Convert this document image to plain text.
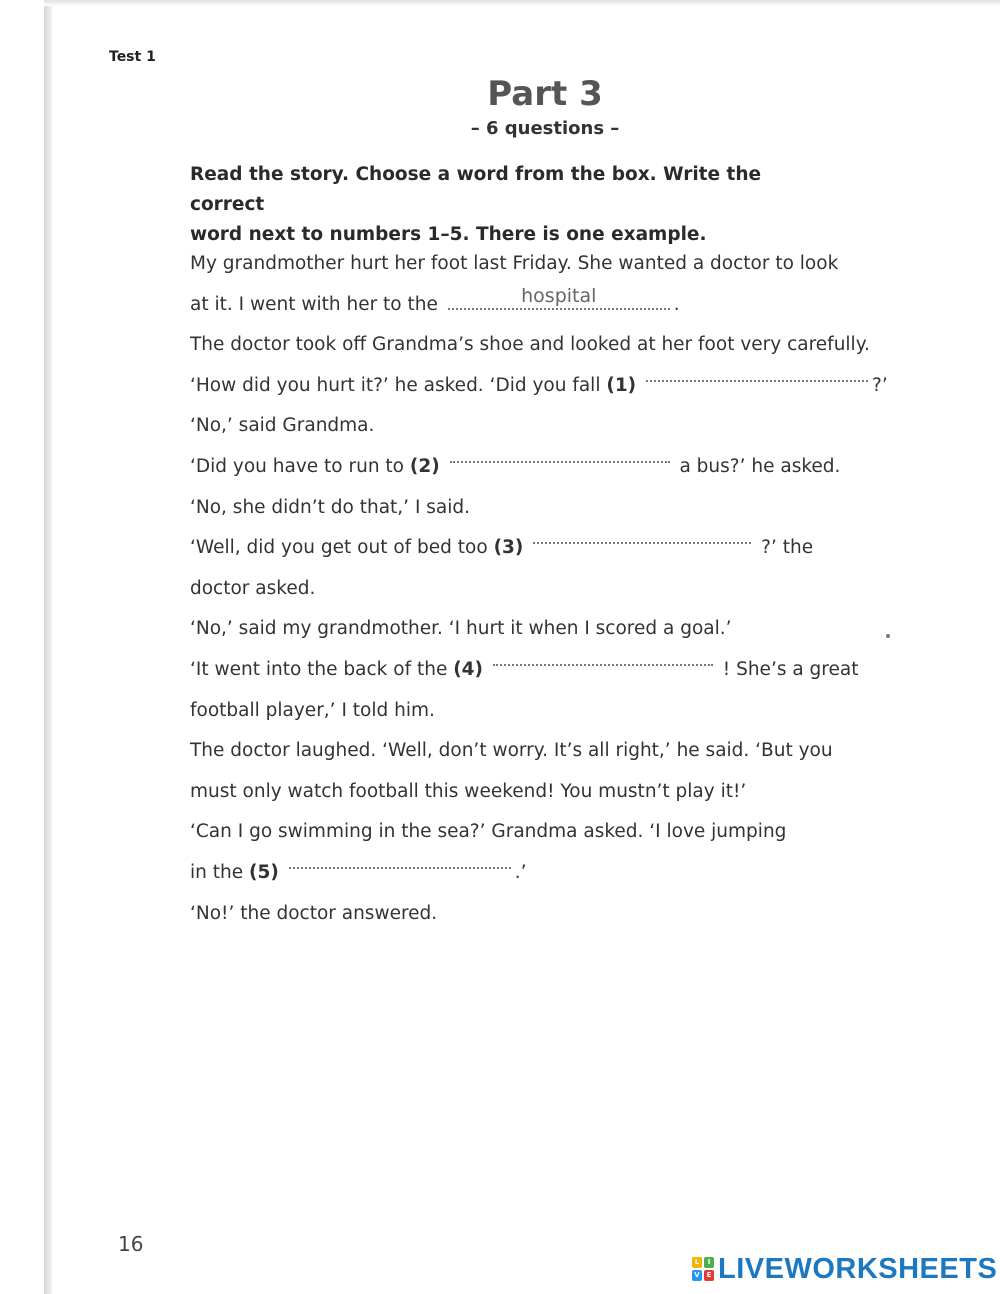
Test 1
Part 3
– 6 questions –
Read the story. Choose a word from the box. Write the correct
word next to numbers 1–5. There is one example.
My grandmother hurt her foot last Friday. She wanted a doctor to look
at it. I went with her to the	hospital	.
The doctor took off Grandma’s shoe and looked at her foot very carefully.
‘How did you hurt it?’ he asked. ‘Did you fall (1)	?’
‘No,’ said Grandma.
‘Did you have to run to (2)	a bus?’ he asked.
‘No, she didn’t do that,’ I said.
‘Well, did you get out of bed too (3)	?’ the
doctor asked.
‘No,’ said my grandmother. ‘I hurt it when I scored a goal.’
‘It went into the back of the (4)	! She’s a great
football player,’ I told him.
The doctor laughed. ‘Well, don’t worry. It’s all right,’ he said. ‘But you
must only watch football this weekend! You mustn’t play it!’
‘Can I go swimming in the sea?’ Grandma asked. ‘I love jumping
in the (5)	.’
‘No!’ the doctor answered.
16
L	I
V E LIVEWORKSHEETS
